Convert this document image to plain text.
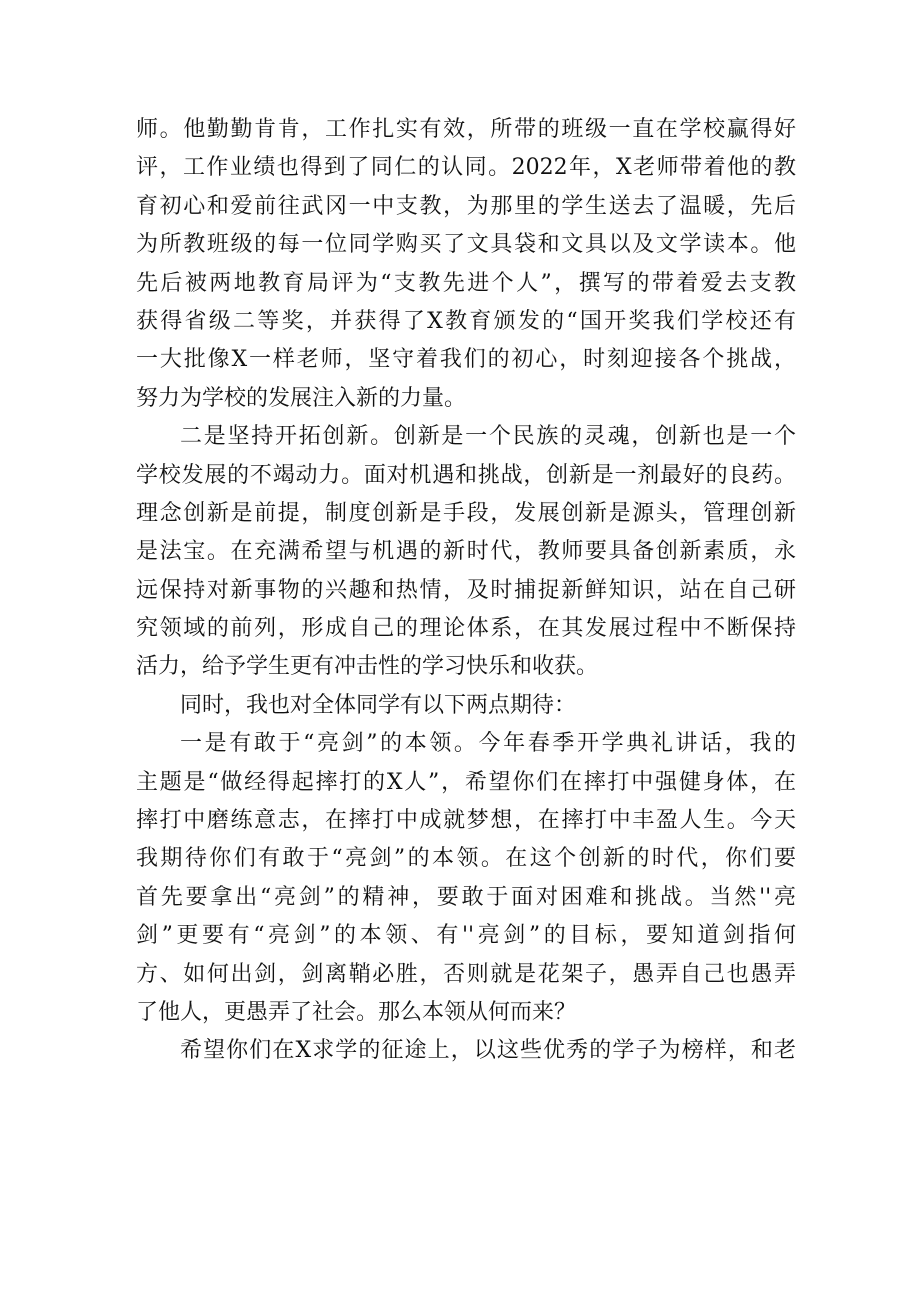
师。他勤勤肯肯，工作扎实有效，所带的班级一直在学校赢得好
评，工作业绩也得到了同仁的认同。2022年，X老师带着他的教
育初心和爱前往武冈一中支教，为那里的学生送去了温暖，先后
为所教班级的每一位同学购买了文具袋和文具以及文学读本。他
先后被两地教育局评为“支教先进个人”，撰写的带着爱去支教
获得省级二等奖，并获得了X教育颁发的“国开奖我们学校还有
一大批像X一样老师，坚守着我们的初心，时刻迎接各个挑战，
努力为学校的发展注入新的力量。
二是坚持开拓创新。创新是一个民族的灵魂，创新也是一个
学校发展的不竭动力。面对机遇和挑战，创新是一剂最好的良药。
理念创新是前提，制度创新是手段，发展创新是源头，管理创新
是法宝。在充满希望与机遇的新时代，教师要具备创新素质，永
远保持对新事物的兴趣和热情，及时捕捉新鲜知识，站在自己研
究领域的前列，形成自己的理论体系，在其发展过程中不断保持
活力，给予学生更有冲击性的学习快乐和收获。
同时，我也对全体同学有以下两点期待：
一是有敢于“亮剑”的本领。今年春季开学典礼讲话，我的
主题是“做经得起摔打的X人”，希望你们在摔打中强健身体，在
摔打中磨练意志，在摔打中成就梦想，在摔打中丰盈人生。今天
我期待你们有敢于“亮剑”的本领。在这个创新的时代，你们要
首先要拿出“亮剑”的精神，要敢于面对困难和挑战。当然''亮
剑”更要有“亮剑”的本领、有''亮剑”的目标，要知道剑指何
方、如何出剑，剑离鞘必胜，否则就是花架子，愚弄自己也愚弄
了他人，更愚弄了社会。那么本领从何而来？
希望你们在X求学的征途上，以这些优秀的学子为榜样，和老
